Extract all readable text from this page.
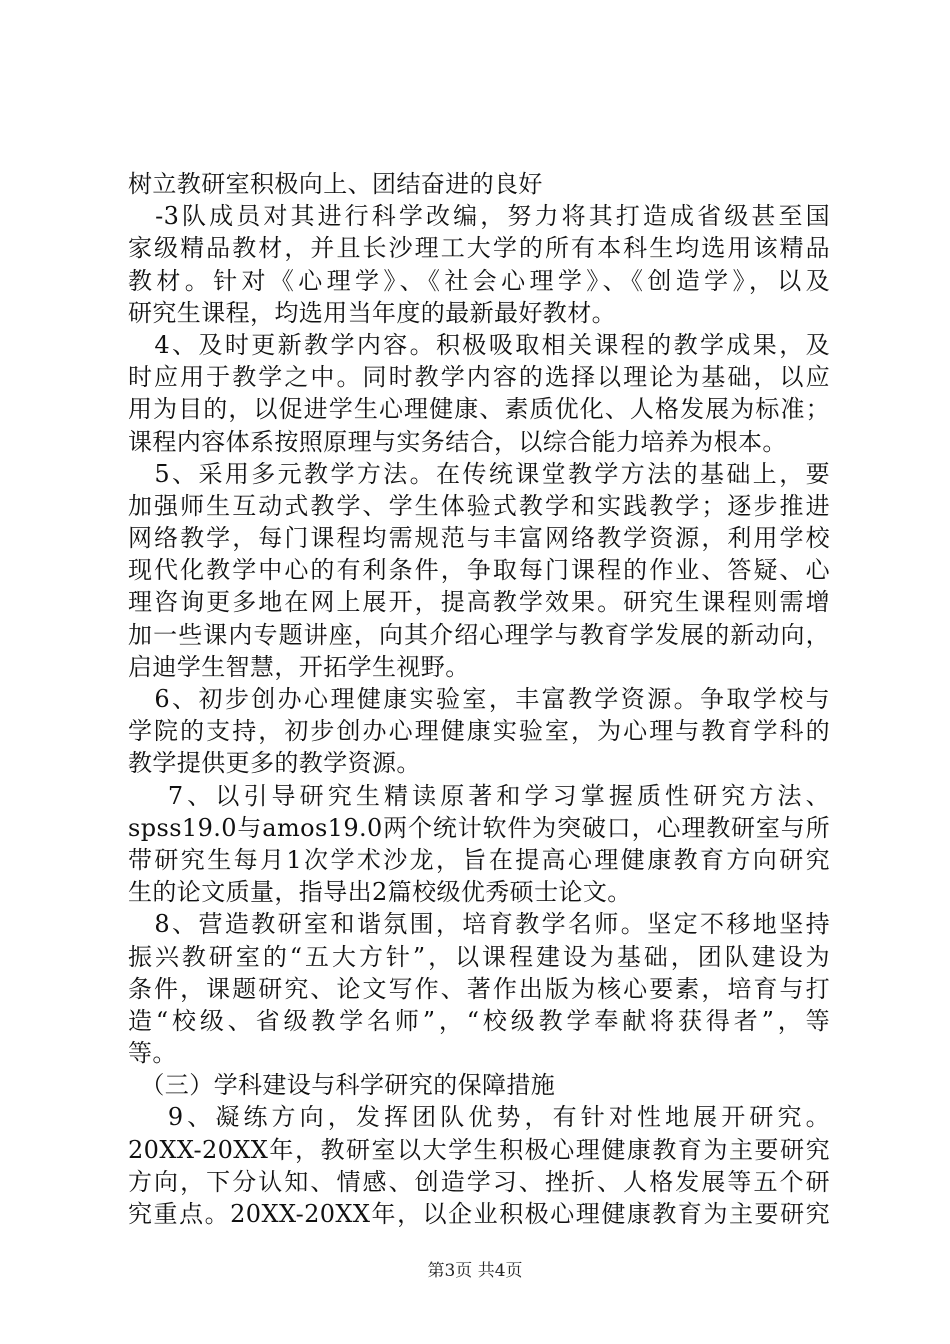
树立教研室积极向上、团结奋进的良好
　-3队成员对其进行科学改编，努力将其打造成省级甚至国
家级精品教材，并且长沙理工大学的所有本科生均选用该精品
教材。针对《心理学》、《社会心理学》、《创造学》，以及
研究生课程，均选用当年度的最新最好教材。
　4、及时更新教学内容。积极吸取相关课程的教学成果，及
时应用于教学之中。同时教学内容的选择以理论为基础，以应
用为目的，以促进学生心理健康、素质优化、人格发展为标准；
课程内容体系按照原理与实务结合，以综合能力培养为根本。
　5、采用多元教学方法。在传统课堂教学方法的基础上，要
加强师生互动式教学、学生体验式教学和实践教学；逐步推进
网络教学，每门课程均需规范与丰富网络教学资源，利用学校
现代化教学中心的有利条件，争取每门课程的作业、答疑、心
理咨询更多地在网上展开，提高教学效果。研究生课程则需增
加一些课内专题讲座，向其介绍心理学与教育学发展的新动向，
启迪学生智慧，开拓学生视野。
　6、初步创办心理健康实验室，丰富教学资源。争取学校与
学院的支持，初步创办心理健康实验室，为心理与教育学科的
教学提供更多的教学资源。
　 7、以引导研究生精读原著和学习掌握质性研究方法、
spss19.0与amos19.0两个统计软件为突破口，心理教研室与所
带研究生每月1次学术沙龙，旨在提高心理健康教育方向研究
生的论文质量，指导出2篇校级优秀硕士论文。
　8、营造教研室和谐氛围，培育教学名师。坚定不移地坚持
振兴教研室的“五大方针”，以课程建设为基础，团队建设为
条件，课题研究、论文写作、著作出版为核心要素，培育与打
造“校级、省级教学名师”，“校级教学奉献将获得者”，等
等。
　（三）学科建设与科学研究的保障措施
　 9、凝练方向，发挥团队优势，有针对性地展开研究。
20XX-20XX年，教研室以大学生积极心理健康教育为主要研究
方向，下分认知、情感、创造学习、挫折、人格发展等五个研
究重点。20XX-20XX年，以企业积极心理健康教育为主要研究
第3页 共4页
